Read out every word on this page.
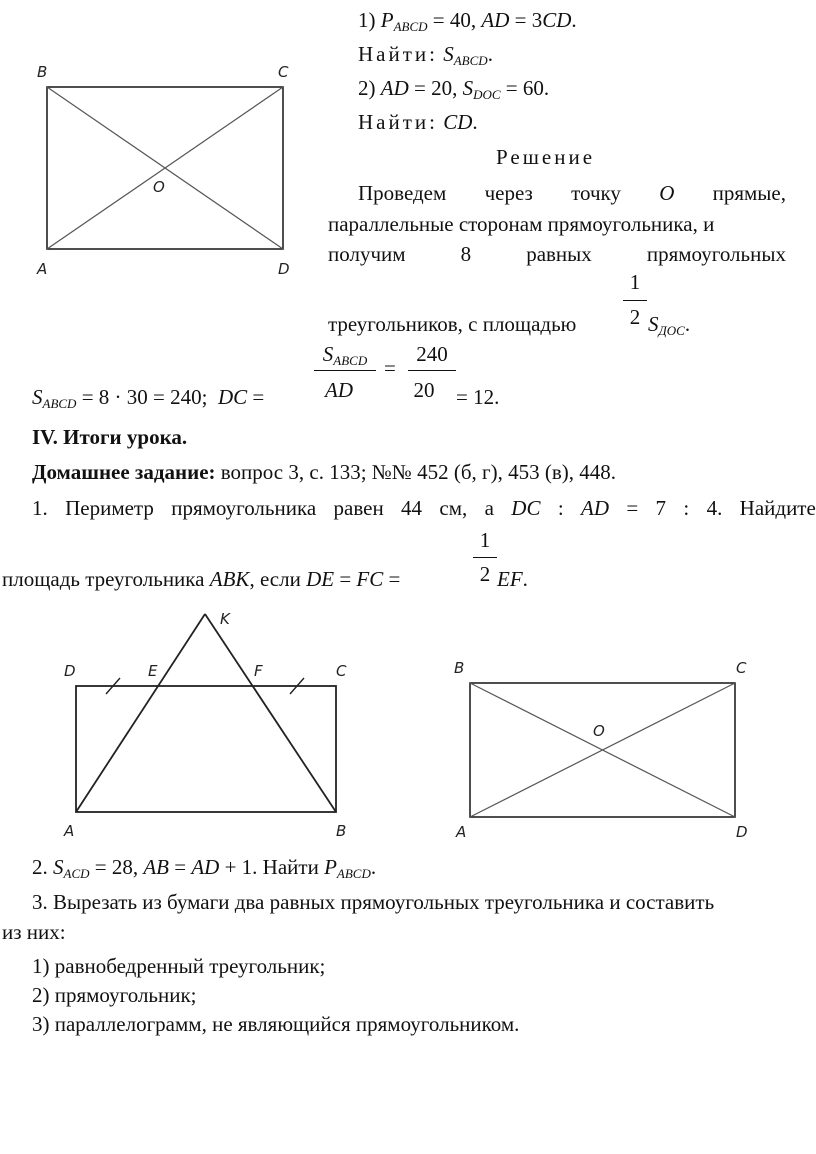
B	C
O
A	D
1) $P_{ABCD} = 40$, AD = 3CD.
Найти: $S_{ABCD}$.
2) AD = 20, $S_{DOC} = 60$.
Найти: CD.
Решение
Проведем через точку O прямые,
параллельные сторонам прямоугольника, и
получим	8	равных	прямоугольных
треугольников, с площадью
1
2 $S_{ДОС}$.
$S_{ABCD}$
AD
=
240
20
$S_{ABCD} = 8 \cdot 30 = 240$; DC =	= 12.
IV. Итоги урока.
Домашнее задание: вопрос 3, с. 133; №№ 452 (б, г), 453 (в), 448.
1. Периметр прямоугольника равен 44 см, а DC : AD = 7 : 4. Найдите
площадь треугольника ABK, если DE = FC =
1
2 EF.
K
D	E	F	C
A	B
B	C
O
A	D
2. $S_{ACD} = 28$, AB = AD + 1. Найти $P_{ABCD}$.
3. Вырезать из бумаги два равных прямоугольных треугольника и составить
из них:
1) равнобедренный треугольник;
2) прямоугольник;
3) параллелограмм, не являющийся прямоугольником.
